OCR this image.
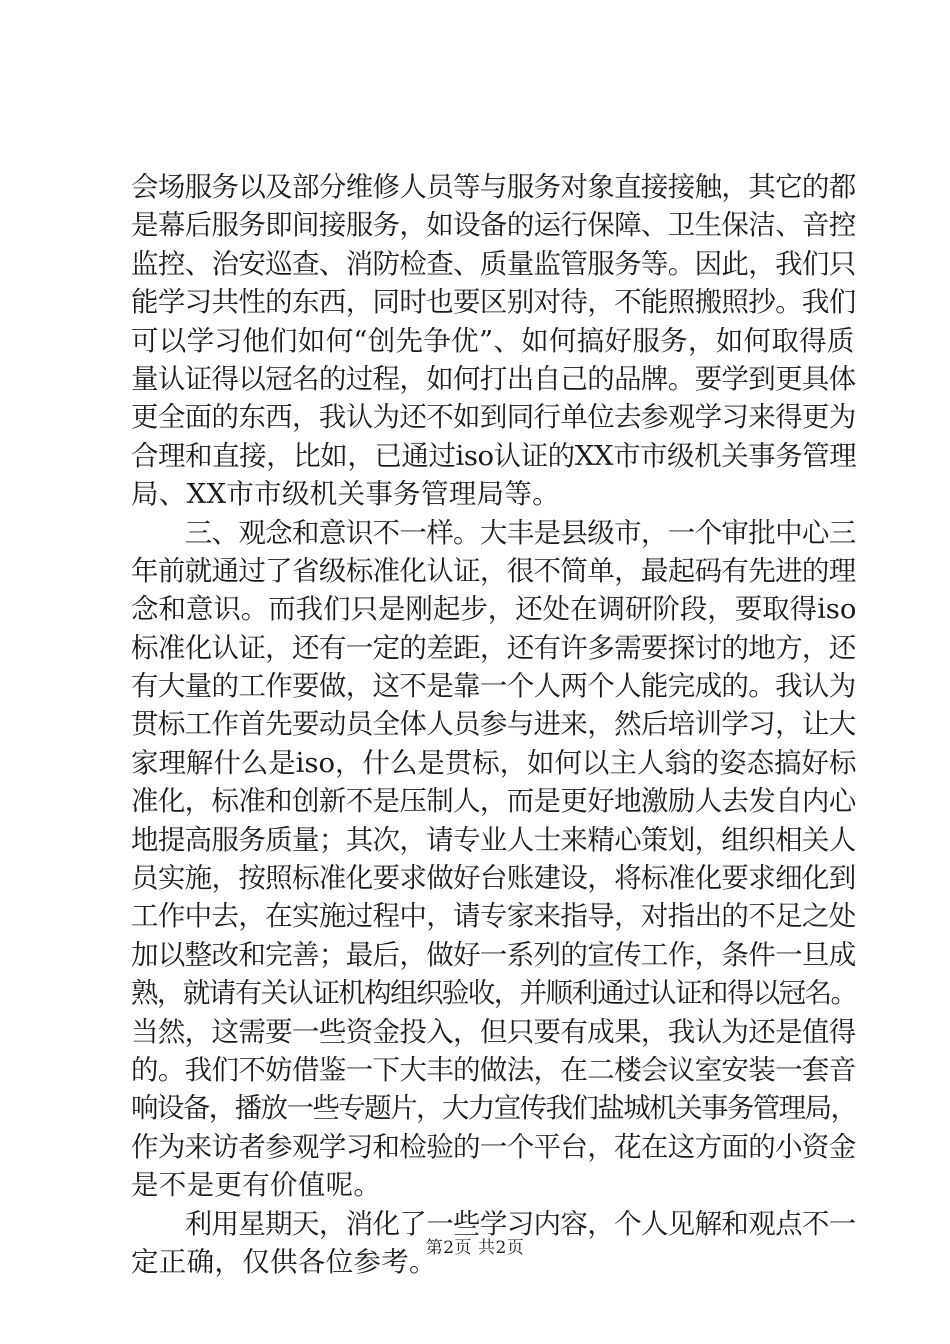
会场服务以及部分维修人员等与服务对象直接接触，其它的都
是幕后服务即间接服务，如设备的运行保障、卫生保洁、音控
监控、治安巡查、消防检查、质量监管服务等。因此，我们只
能学习共性的东西，同时也要区别对待，不能照搬照抄。我们
可以学习他们如何“创先争优”、如何搞好服务，如何取得质
量认证得以冠名的过程，如何打出自己的品牌。要学到更具体
更全面的东西，我认为还不如到同行单位去参观学习来得更为
合理和直接，比如，已通过iso认证的XX市市级机关事务管理
局、XX市市级机关事务管理局等。
　　三、观念和意识不一样。大丰是县级市，一个审批中心三
年前就通过了省级标准化认证，很不简单，最起码有先进的理
念和意识。而我们只是刚起步，还处在调研阶段，要取得iso
标准化认证，还有一定的差距，还有许多需要探讨的地方，还
有大量的工作要做，这不是靠一个人两个人能完成的。我认为
贯标工作首先要动员全体人员参与进来，然后培训学习，让大
家理解什么是iso，什么是贯标，如何以主人翁的姿态搞好标
准化，标准和创新不是压制人，而是更好地激励人去发自内心
地提高服务质量；其次，请专业人士来精心策划，组织相关人
员实施，按照标准化要求做好台账建设，将标准化要求细化到
工作中去，在实施过程中，请专家来指导，对指出的不足之处
加以整改和完善；最后，做好一系列的宣传工作，条件一旦成
熟，就请有关认证机构组织验收，并顺利通过认证和得以冠名。
当然，这需要一些资金投入，但只要有成果，我认为还是值得
的。我们不妨借鉴一下大丰的做法，在二楼会议室安装一套音
响设备，播放一些专题片，大力宣传我们盐城机关事务管理局，
作为来访者参观学习和检验的一个平台，花在这方面的小资金
是不是更有价值呢。
　　利用星期天，消化了一些学习内容，个人见解和观点不一
定正确，仅供各位参考。
第2页 共2页
